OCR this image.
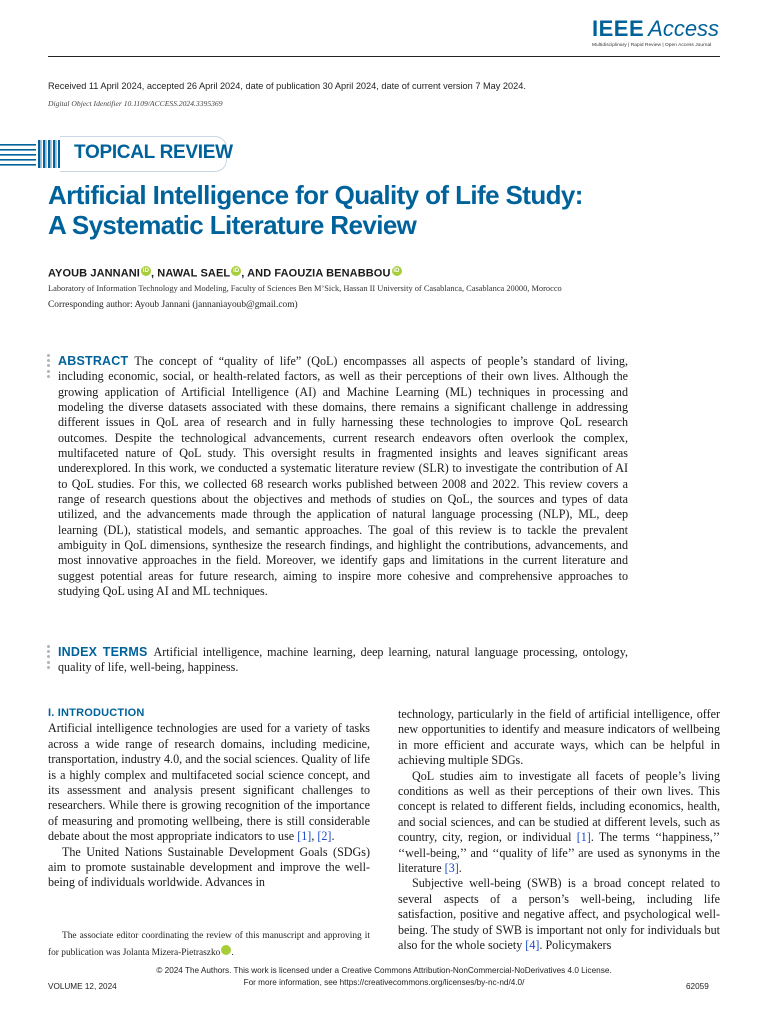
IEEE Access
Multidisciplinary | Rapid Review | Open Access Journal
Received 11 April 2024, accepted 26 April 2024, date of publication 30 April 2024, date of current version 7 May 2024.
Digital Object Identifier 10.1109/ACCESS.2024.3395369
TOPICAL REVIEW
Artificial Intelligence for Quality of Life Study:
A Systematic Literature Review
AYOUB JANNANI iD , NAWAL SAEL iD , AND FAOUZIA BENABBOU iD
Laboratory of Information Technology and Modeling, Faculty of Sciences Ben M’Sick, Hassan II University of Casablanca, Casablanca 20000, Morocco
Corresponding author: Ayoub Jannani (jannaniayoub@gmail.com)
ABSTRACT The concept of “quality of life” (QoL) encompasses all aspects of people’s standard of living, including economic, social, or health-related factors, as well as their perceptions of their own lives. Although the growing application of Artificial Intelligence (AI) and Machine Learning (ML) techniques in processing and modeling the diverse datasets associated with these domains, there remains a significant challenge in addressing different issues in QoL area of research and in fully harnessing these technologies to improve QoL research outcomes. Despite the technological advancements, current research endeavors often overlook the complex, multifaceted nature of QoL study. This oversight results in fragmented insights and leaves significant areas underexplored. In this work, we conducted a systematic literature review (SLR) to investigate the contribution of AI to QoL studies. For this, we collected 68 research works published between 2008 and 2022. This review covers a range of research questions about the objectives and methods of studies on QoL, the sources and types of data utilized, and the advancements made through the application of natural language processing (NLP), ML, deep learning (DL), statistical models, and semantic approaches. The goal of this review is to tackle the prevalent ambiguity in QoL dimensions, synthesize the research findings, and highlight the contributions, advancements, and most innovative approaches in the field. Moreover, we identify gaps and limitations in the current literature and suggest potential areas for future research, aiming to inspire more cohesive and comprehensive approaches to studying QoL using AI and ML techniques.
INDEX TERMS Artificial intelligence, machine learning, deep learning, natural language processing, ontology, quality of life, well-being, happiness.
I. INTRODUCTION

Artificial intelligence technologies are used for a variety of tasks across a wide range of research domains, including medicine, transportation, industry 4.0, and the social sciences. Quality of life is a highly complex and multifaceted social science concept, and its assessment and analysis present significant challenges to researchers. While there is growing recognition of the importance of measuring and promoting wellbeing, there is still considerable debate about the most appropriate indicators to use [1], [2].

The United Nations Sustainable Development Goals (SDGs) aim to promote sustainable development and improve the well-being of individuals worldwide. Advances in

The associate editor coordinating the review of this manuscript and approving it for publication was Jolanta Mizera-Pietraszko	iD.

technology, particularly in the field of artificial intelligence, offer new opportunities to identify and measure indicators of wellbeing in more efficient and accurate ways, which can be helpful in achieving multiple SDGs.

QoL studies aim to investigate all facets of people’s living conditions as well as their perceptions of their own lives. This concept is related to different fields, including economics, health, and social sciences, and can be studied at different levels, such as country, city, region, or individual [1]. The terms ‘‘happiness,’’ ‘‘well-being,’’ and ‘‘quality of life’’ are used as synonyms in the literature [3].

Subjective well-being (SWB) is a broad concept related to several aspects of a person’s well-being, including life satisfaction, positive and negative affect, and psychological well-being. The study of SWB is important not only for individuals but also for the whole society [4]. Policymakers

© 2024 The Authors. This work is licensed under a Creative Commons Attribution-NonCommercial-NoDerivatives 4.0 License.
For more information, see https://creativecommons.org/licenses/by-nc-nd/4.0/
VOLUME 12, 2024	62059
